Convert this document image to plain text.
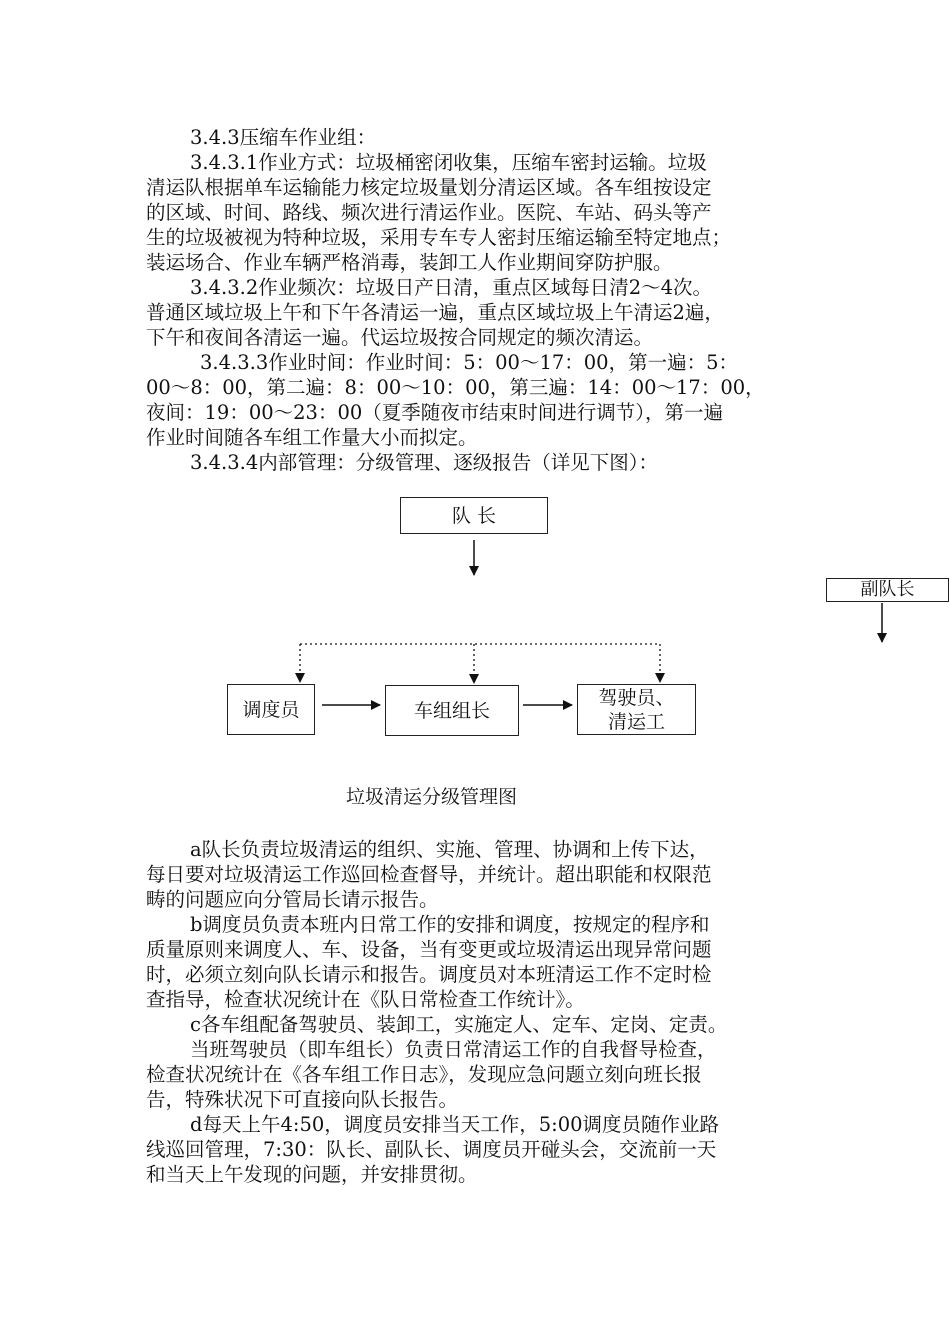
3.4.3压缩车作业组：
3.4.3.1作业方式：垃圾桶密闭收集，压缩车密封运输。垃圾
清运队根据单车运输能力核定垃圾量划分清运区域。各车组按设定
的区域、时间、路线、频次进行清运作业。医院、车站、码头等产
生的垃圾被视为特种垃圾，采用专车专人密封压缩运输至特定地点；
装运场合、作业车辆严格消毒，装卸工人作业期间穿防护服。
3.4.3.2作业频次：垃圾日产日清，重点区域每日清2～4次。
普通区域垃圾上午和下午各清运一遍，重点区域垃圾上午清运2遍，
下午和夜间各清运一遍。代运垃圾按合同规定的频次清运。
3.4.3.3作业时间：作业时间：5：00～17：00，第一遍：5：
00～8：00，第二遍：8：00～10：00，第三遍：14：00～17：00，
夜间：19：00～23：00（夏季随夜市结束时间进行调节），第一遍
作业时间随各车组工作量大小而拟定。
3.4.3.4内部管理：分级管理、逐级报告（详见下图）：
队 长
副队长
调度员	车组组长
驾驶员、
清运工
垃圾清运分级管理图
a队长负责垃圾清运的组织、实施、管理、协调和上传下达，
每日要对垃圾清运工作巡回检查督导，并统计。超出职能和权限范
畴的问题应向分管局长请示报告。
b调度员负责本班内日常工作的安排和调度，按规定的程序和
质量原则来调度人、车、设备，当有变更或垃圾清运出现异常问题
时，必须立刻向队长请示和报告。调度员对本班清运工作不定时检
查指导，检查状况统计在《队日常检查工作统计》。
c各车组配备驾驶员、装卸工，实施定人、定车、定岗、定责。
当班驾驶员（即车组长）负责日常清运工作的自我督导检查，
检查状况统计在《各车组工作日志》，发现应急问题立刻向班长报
告，特殊状况下可直接向队长报告。
d每天上午4:50，调度员安排当天工作，5:00调度员随作业路
线巡回管理，7:30：队长、副队长、调度员开碰头会，交流前一天
和当天上午发现的问题，并安排贯彻。
